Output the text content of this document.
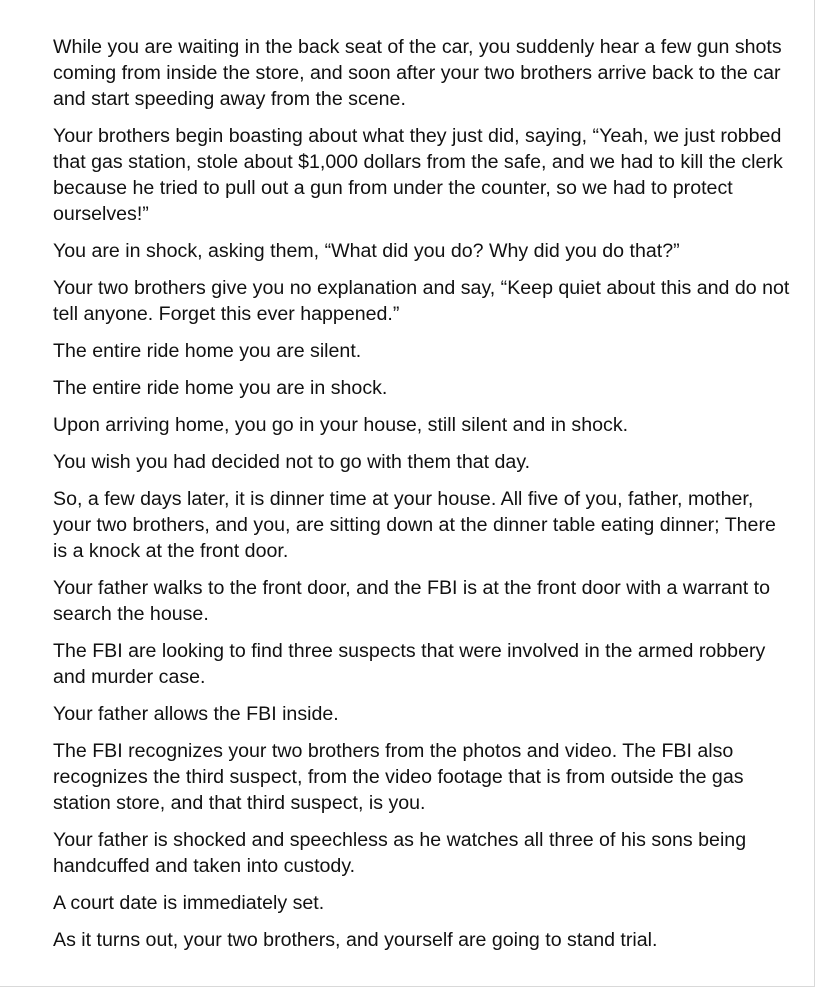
While you are waiting in the back seat of the car, you suddenly hear a few gun shots coming from inside the store, and soon after your two brothers arrive back to the car and start speeding away from the scene.

Your brothers begin boasting about what they just did, saying, “Yeah, we just robbed that gas station, stole about $1,000 dollars from the safe, and we had to kill the clerk because he tried to pull out a gun from under the counter, so we had to protect ourselves!”

You are in shock, asking them, “What did you do? Why did you do that?”

Your two brothers give you no explanation and say, “Keep quiet about this and do not tell anyone. Forget this ever happened.”

The entire ride home you are silent.

The entire ride home you are in shock.

Upon arriving home, you go in your house, still silent and in shock.

You wish you had decided not to go with them that day.

So, a few days later, it is dinner time at your house. All five of you, father, mother, your two brothers, and you, are sitting down at the dinner table eating dinner; There is a knock at the front door.

Your father walks to the front door, and the FBI is at the front door with a warrant to search the house.

The FBI are looking to find three suspects that were involved in the armed robbery and murder case.

Your father allows the FBI inside.

The FBI recognizes your two brothers from the photos and video. The FBI also recognizes the third suspect, from the video footage that is from outside the gas station store, and that third suspect, is you.

Your father is shocked and speechless as he watches all three of his sons being handcuffed and taken into custody.

A court date is immediately set.

As it turns out, your two brothers, and yourself are going to stand trial.
